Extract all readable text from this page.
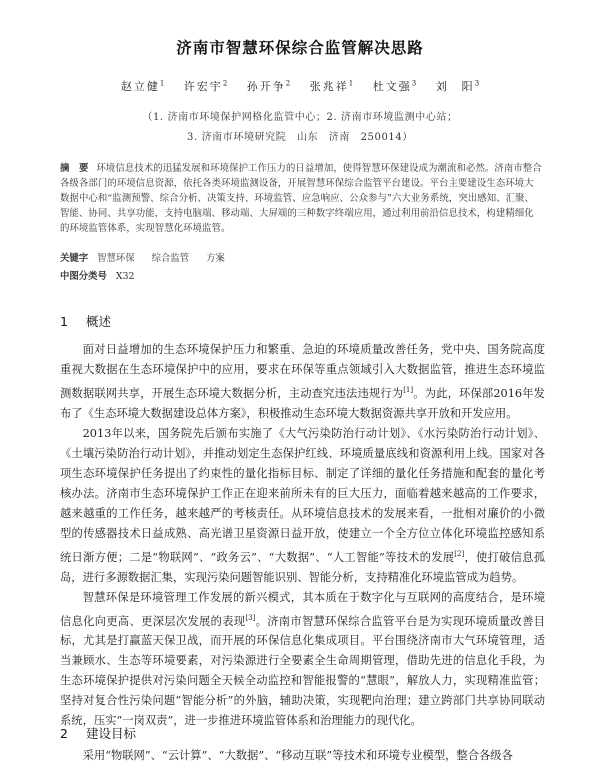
济南市智慧环保综合监管解决思路
赵立健$^1$ 许宏宇$^2$ 孙开争$^2$ 张兆祥$^1$ 杜文强$^3$ 刘　阳$^3$
（1. 济南市环境保护网格化监管中心；2. 济南市环境监测中心站；
3. 济南市环境研究院　山东　济南　250014）
摘　要 环境信息技术的迅猛发展和环境保护工作压力的日益增加，使得智慧环保建设成为潮流和必然。济南市整合各级各部门的环境信息资源，依托各类环境监测设备，开展智慧环保综合监管平台建设。平台主要建设生态环境大数据中心和“监测预警、综合分析、决策支持、环境监管、应急响应、公众参与”六大业务系统，突出感知、汇聚、智能、协同、共享功能，支持电脑端、移动端、大屏端的三种数字终端应用，通过利用前沿信息技术，构建精细化的环境监管体系，实现智慧化环境监管。
关键字 智慧环保 综合监管 方案
中图分类号 X32
1 概述

面对日益增加的生态环境保护压力和繁重、急迫的环境质量改善任务，党中央、国务院高度重视大数据在生态环境保护中的应用，要求在环保等重点领域引入大数据监管，推进生态环境监测数据联网共享，开展生态环境大数据分析，主动查究违法违规行为[1]。为此，环保部2016年发布了《生态环境大数据建设总体方案》，积极推动生态环境大数据资源共享开放和开发应用。

2013年以来，国务院先后颁布实施了《大气污染防治行动计划》、《水污染防治行动计划》、《土壤污染防治行动计划》，并推动划定生态保护红线、环境质量底线和资源利用上线。国家对各项生态环境保护任务提出了约束性的量化指标目标、制定了详细的量化任务措施和配套的量化考核办法。济南市生态环境保护工作正在迎来前所未有的巨大压力，面临着越来越高的工作要求，越来越重的工作任务，越来越严的考核责任。从环境信息技术的发展来看，一批相对廉价的小微型的传感器技术日益成熟、高光谱卫星资源日益开放，使建立一个全方位立体化环境监控感知系统日渐方便；二是“物联网”、“政务云”、“大数据”、“人工智能”等技术的发展[2]，使打破信息孤岛，进行多源数据汇集，实现污染问题智能识别、智能分析，支持精准化环境监管成为趋势。

智慧环保是环境管理工作发展的新兴模式，其本质在于数字化与互联网的高度结合，是环境信息化向更高、更深层次发展的表现[3]。济南市智慧环保综合监管平台是为实现环境质量改善目标，尤其是打赢蓝天保卫战，而开展的环保信息化集成项目。平台围绕济南市大气环境管理，适当兼顾水、生态等环境要素，对污染源进行全要素全生命周期管理，借助先进的信息化手段，为生态环境保护提供对污染问题全天候全动监控和智能报警的“慧眼”，解放人力，实现精准监管；坚持对复合性污染问题“智能分析”的外脑，辅助决策，实现靶向治理；建立跨部门共享协同联动系统，压实“一岗双责”，进一步推进环境监管体系和治理能力的现代化。

2 建设目标

采用“物联网”、“云计算”、“大数据”、“移动互联”等技术和环境专业模型，整合各级各
